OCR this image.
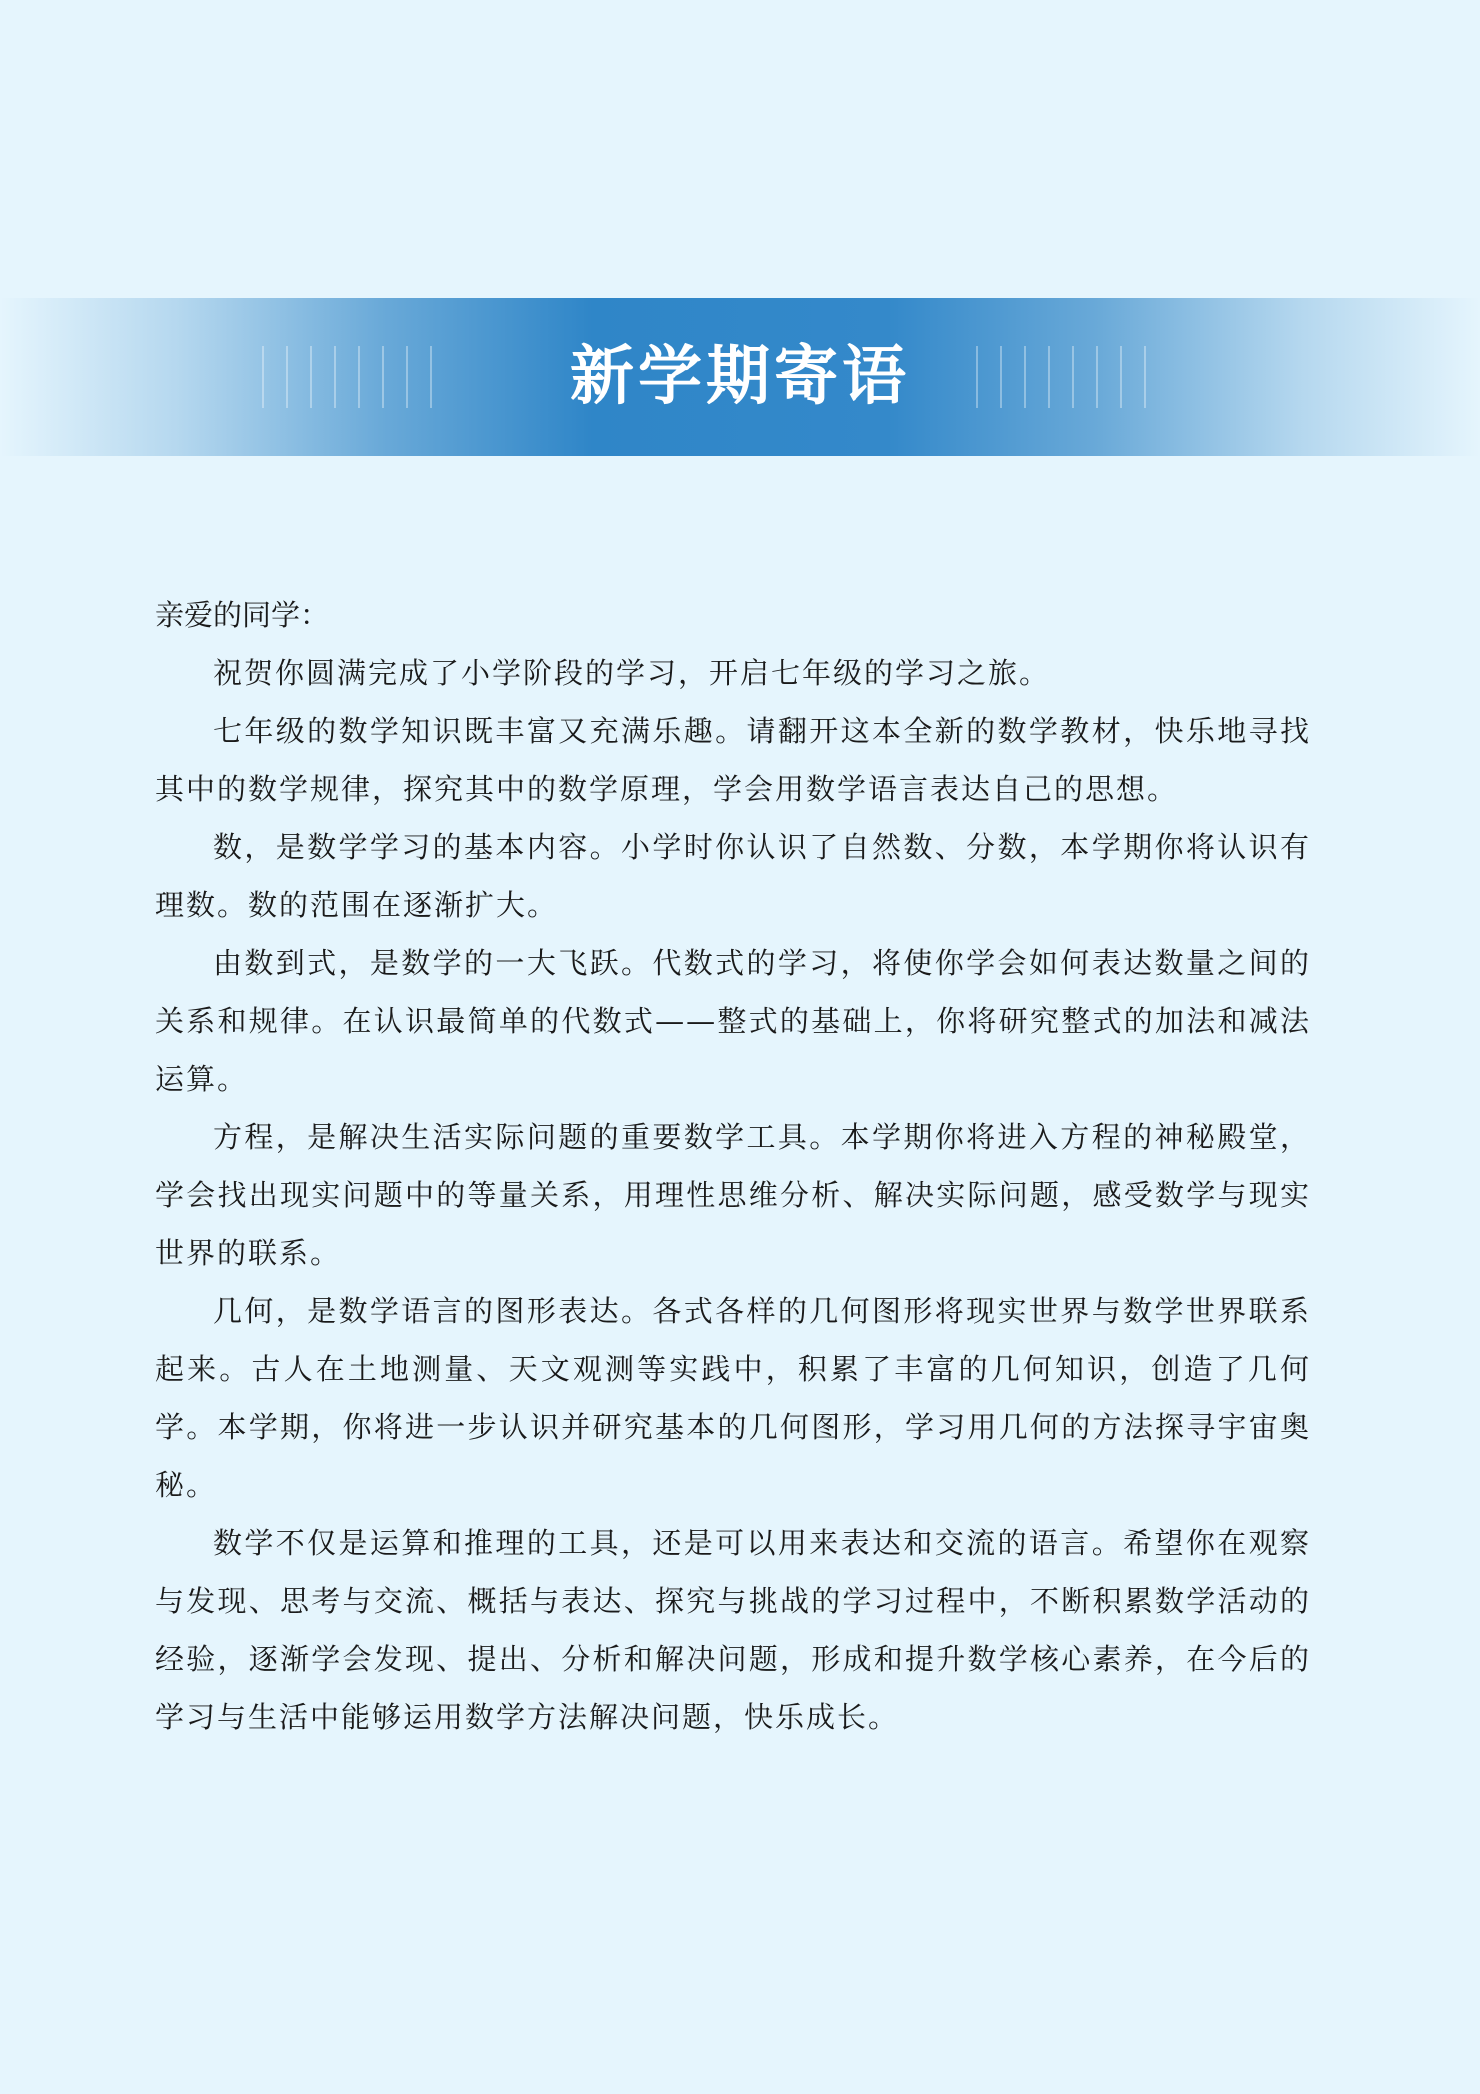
新学期寄语

亲爱的同学：

祝贺你圆满完成了小学阶段的学习，开启七年级的学习之旅。

七年级的数学知识既丰富又充满乐趣。请翻开这本全新的数学教材，快乐地寻找其中的数学规律，探究其中的数学原理，学会用数学语言表达自己的思想。

数，是数学学习的基本内容。小学时你认识了自然数、分数，本学期你将认识有理数。数的范围在逐渐扩大。

由数到式，是数学的一大飞跃。代数式的学习，将使你学会如何表达数量之间的关系和规律。在认识最简单的代数式——整式的基础上，你将研究整式的加法和减法运算。

方程，是解决生活实际问题的重要数学工具。本学期你将进入方程的神秘殿堂，学会找出现实问题中的等量关系，用理性思维分析、解决实际问题，感受数学与现实世界的联系。

几何，是数学语言的图形表达。各式各样的几何图形将现实世界与数学世界联系起来。古人在土地测量、天文观测等实践中，积累了丰富的几何知识，创造了几何学。本学期，你将进一步认识并研究基本的几何图形，学习用几何的方法探寻宇宙奥秘。

数学不仅是运算和推理的工具，还是可以用来表达和交流的语言。希望你在观察与发现、思考与交流、概括与表达、探究与挑战的学习过程中，不断积累数学活动的经验，逐渐学会发现、提出、分析和解决问题，形成和提升数学核心素养，在今后的学习与生活中能够运用数学方法解决问题，快乐成长。
